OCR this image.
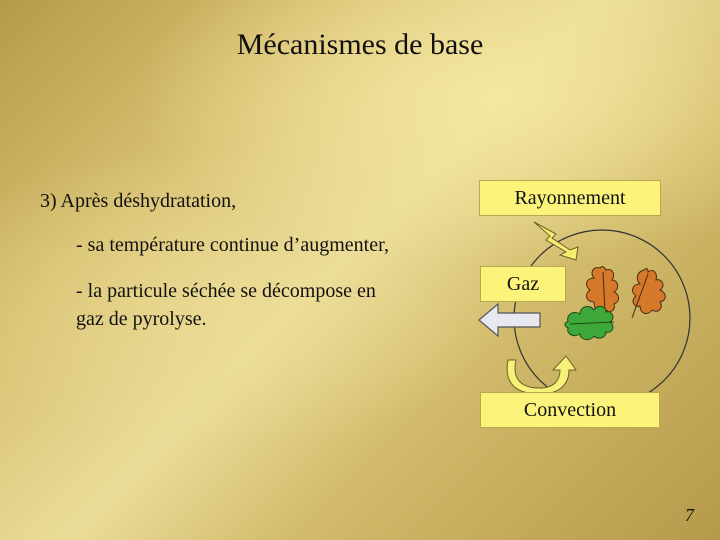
Mécanismes de base
3) Après déshydratation,
- sa température continue d’augmenter,
- la particule séchée se décompose en
gaz de pyrolyse.
Rayonnement
Gaz
Convection
7
